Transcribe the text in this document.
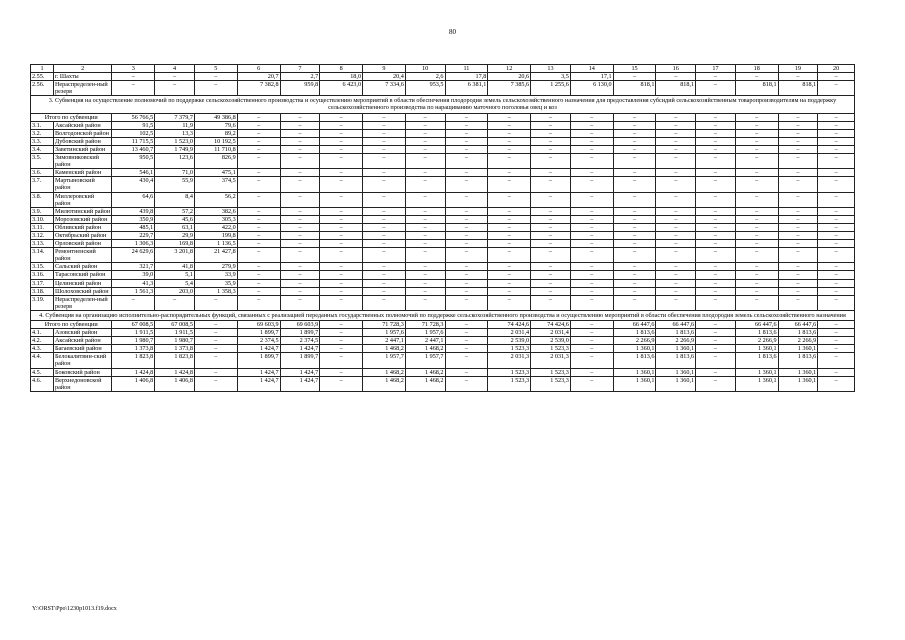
80
1	2	3	4	5	6	7	8	9	10	11	12	13	14	15	16	17	18	19	20
2.55.	г. Шахты	–	–	–	20,7	2,7	18,0	20,4	2,6	17,8	20,6	3,5	17,1	–	–	–	–	–	–
2.56.	Нераспределен-ный резерв	–	–	–	7 382,8	959,8	6 423,0	7 334,6	953,5	6 381,1	7 385,6	1 255,6	6 130,0	818,1	818,1	–	818,1	818,1	–
3. Субвенция на осуществление полномочий по поддержке сельскохозяйственного производства и осуществлению мероприятий в области обеспечения плодородия земель сельскохозяйственного назначения для предоставления субсидий сельскохозяйственным товаропроизводителям на поддержку сельскохозяйственного производства по наращиванию маточного поголовья овец и коз																			
Итого по субвенции		56 766,5	7 379,7	49 386,8	–	–	–	–	–	–	–	–	–	–	–	–	–	–	–
3.1.	Аксайский район	91,5	11,9	79,6	–	–	–	–	–	–	–	–	–	–	–	–	–	–	–
3.2.	Волгодонской район	102,5	13,3	89,2	–	–	–	–	–	–	–	–	–	–	–	–	–	–	–
3.3.	Дубовский район	11 715,5	1 523,0	10 192,5	–	–	–	–	–	–	–	–	–	–	–	–	–	–	–
3.4.	Заветинский район	13 460,7	1 749,9	11 710,8	–	–	–	–	–	–	–	–	–	–	–	–	–	–	–
3.5.	Зимовниковский район	950,5	123,6	826,9	–	–	–	–	–	–	–	–	–	–	–	–	–	–	–
3.6.	Каменский район	546,1	71,0	475,1	–	–	–	–	–	–	–	–	–	–	–	–	–	–	–
3.7.	Мартыновский район	430,4	55,9	374,5	–	–	–	–	–	–	–	–	–	–	–	–	–	–	–
3.8.	Миллеровский район	64,6	8,4	56,2	–	–	–	–	–	–	–	–	–	–	–	–	–	–	–
3.9.	Милютинский район	439,8	57,2	382,6	–	–	–	–	–	–	–	–	–	–	–	–	–	–	–
3.10.	Морозовский район	350,9	45,6	305,3	–	–	–	–	–	–	–	–	–	–	–	–	–	–	–
3.11.	Обливский район	485,1	63,1	422,0	–	–	–	–	–	–	–	–	–	–	–	–	–	–	–
3.12.	Октябрьский район	229,7	29,9	199,8	–	–	–	–	–	–	–	–	–	–	–	–	–	–	–
3.13.	Орловский район	1 306,3	169,8	1 136,5	–	–	–	–	–	–	–	–	–	–	–	–	–	–	–
3.14.	Ремонтненский район	24 629,6	3 201,8	21 427,8	–	–	–	–	–	–	–	–	–	–	–	–	–	–	–
3.15.	Сальский район	321,7	41,8	279,9	–	–	–	–	–	–	–	–	–	–	–	–	–	–	–
3.16.	Тарасовский район	39,0	5,1	33,9	–	–	–	–	–	–	–	–	–	–	–	–	–	–	–
3.17.	Целинский район	41,3	5,4	35,9	–	–	–	–	–	–	–	–	–	–	–	–	–	–	–
3.18.	Шолоховский район	1 561,3	203,0	1 358,3	–	–	–	–	–	–	–	–	–	–	–	–	–	–	–
3.19.	Нераспределен-ный резерв	–	–	–	–	–	–	–	–	–	–	–	–	–	–	–	–	–	–
4. Субвенция на организацию исполнительно-распорядительных функций, связанных с реализацией переданных государственных полномочий по поддержке сельскохозяйственного производства и осуществлению мероприятий в области обеспечения плодородия земель сельскохозяйственного назначения																			
Итого по субвенции		67 008,5	67 008,5	–	69 603,9	69 603,9	–	71 728,3	71 728,3	–	74 424,6	74 424,6	–	66 447,6	66 447,6	–	66 447,6	66 447,6	–
4.1.	Азовский район	1 911,5	1 911,5	–	1 899,7	1 899,7	–	1 957,6	1 957,6	–	2 031,4	2 031,4	–	1 813,6	1 813,6	–	1 813,6	1 813,6	–
4.2.	Аксайский район	1 980,7	1 980,7	–	2 374,5	2 374,5	–	2 447,1	2 447,1	–	2 539,0	2 539,0	–	2 266,9	2 266,9	–	2 266,9	2 266,9	–
4.3.	Багаевский район	1 373,8	1 373,8	–	1 424,7	1 424,7	–	1 468,2	1 468,2	–	1 523,3	1 523,3	–	1 360,1	1 360,1	–	1 360,1	1 360,1	–
4.4.	Белокалитвин-ский район	1 823,8	1 823,8	–	1 899,7	1 899,7	–	1 957,7	1 957,7	–	2 031,3	2 031,3	–	1 813,6	1 813,6	–	1 813,6	1 813,6	–
4.5.	Боковский район	1 424,8	1 424,8	–	1 424,7	1 424,7	–	1 468,2	1 468,2	–	1 523,3	1 523,3	–	1 360,1	1 360,1	–	1 360,1	1 360,1	–
4.6.	Верхнедоновской район	1 406,8	1 406,8	–	1 424,7	1 424,7	–	1 468,2	1 468,2	–	1 523,3	1 523,3	–	1 360,1	1 360,1	–	1 360,1	1 360,1	–
Y:\ORST\Ppo\1230p1013.f19.docx
